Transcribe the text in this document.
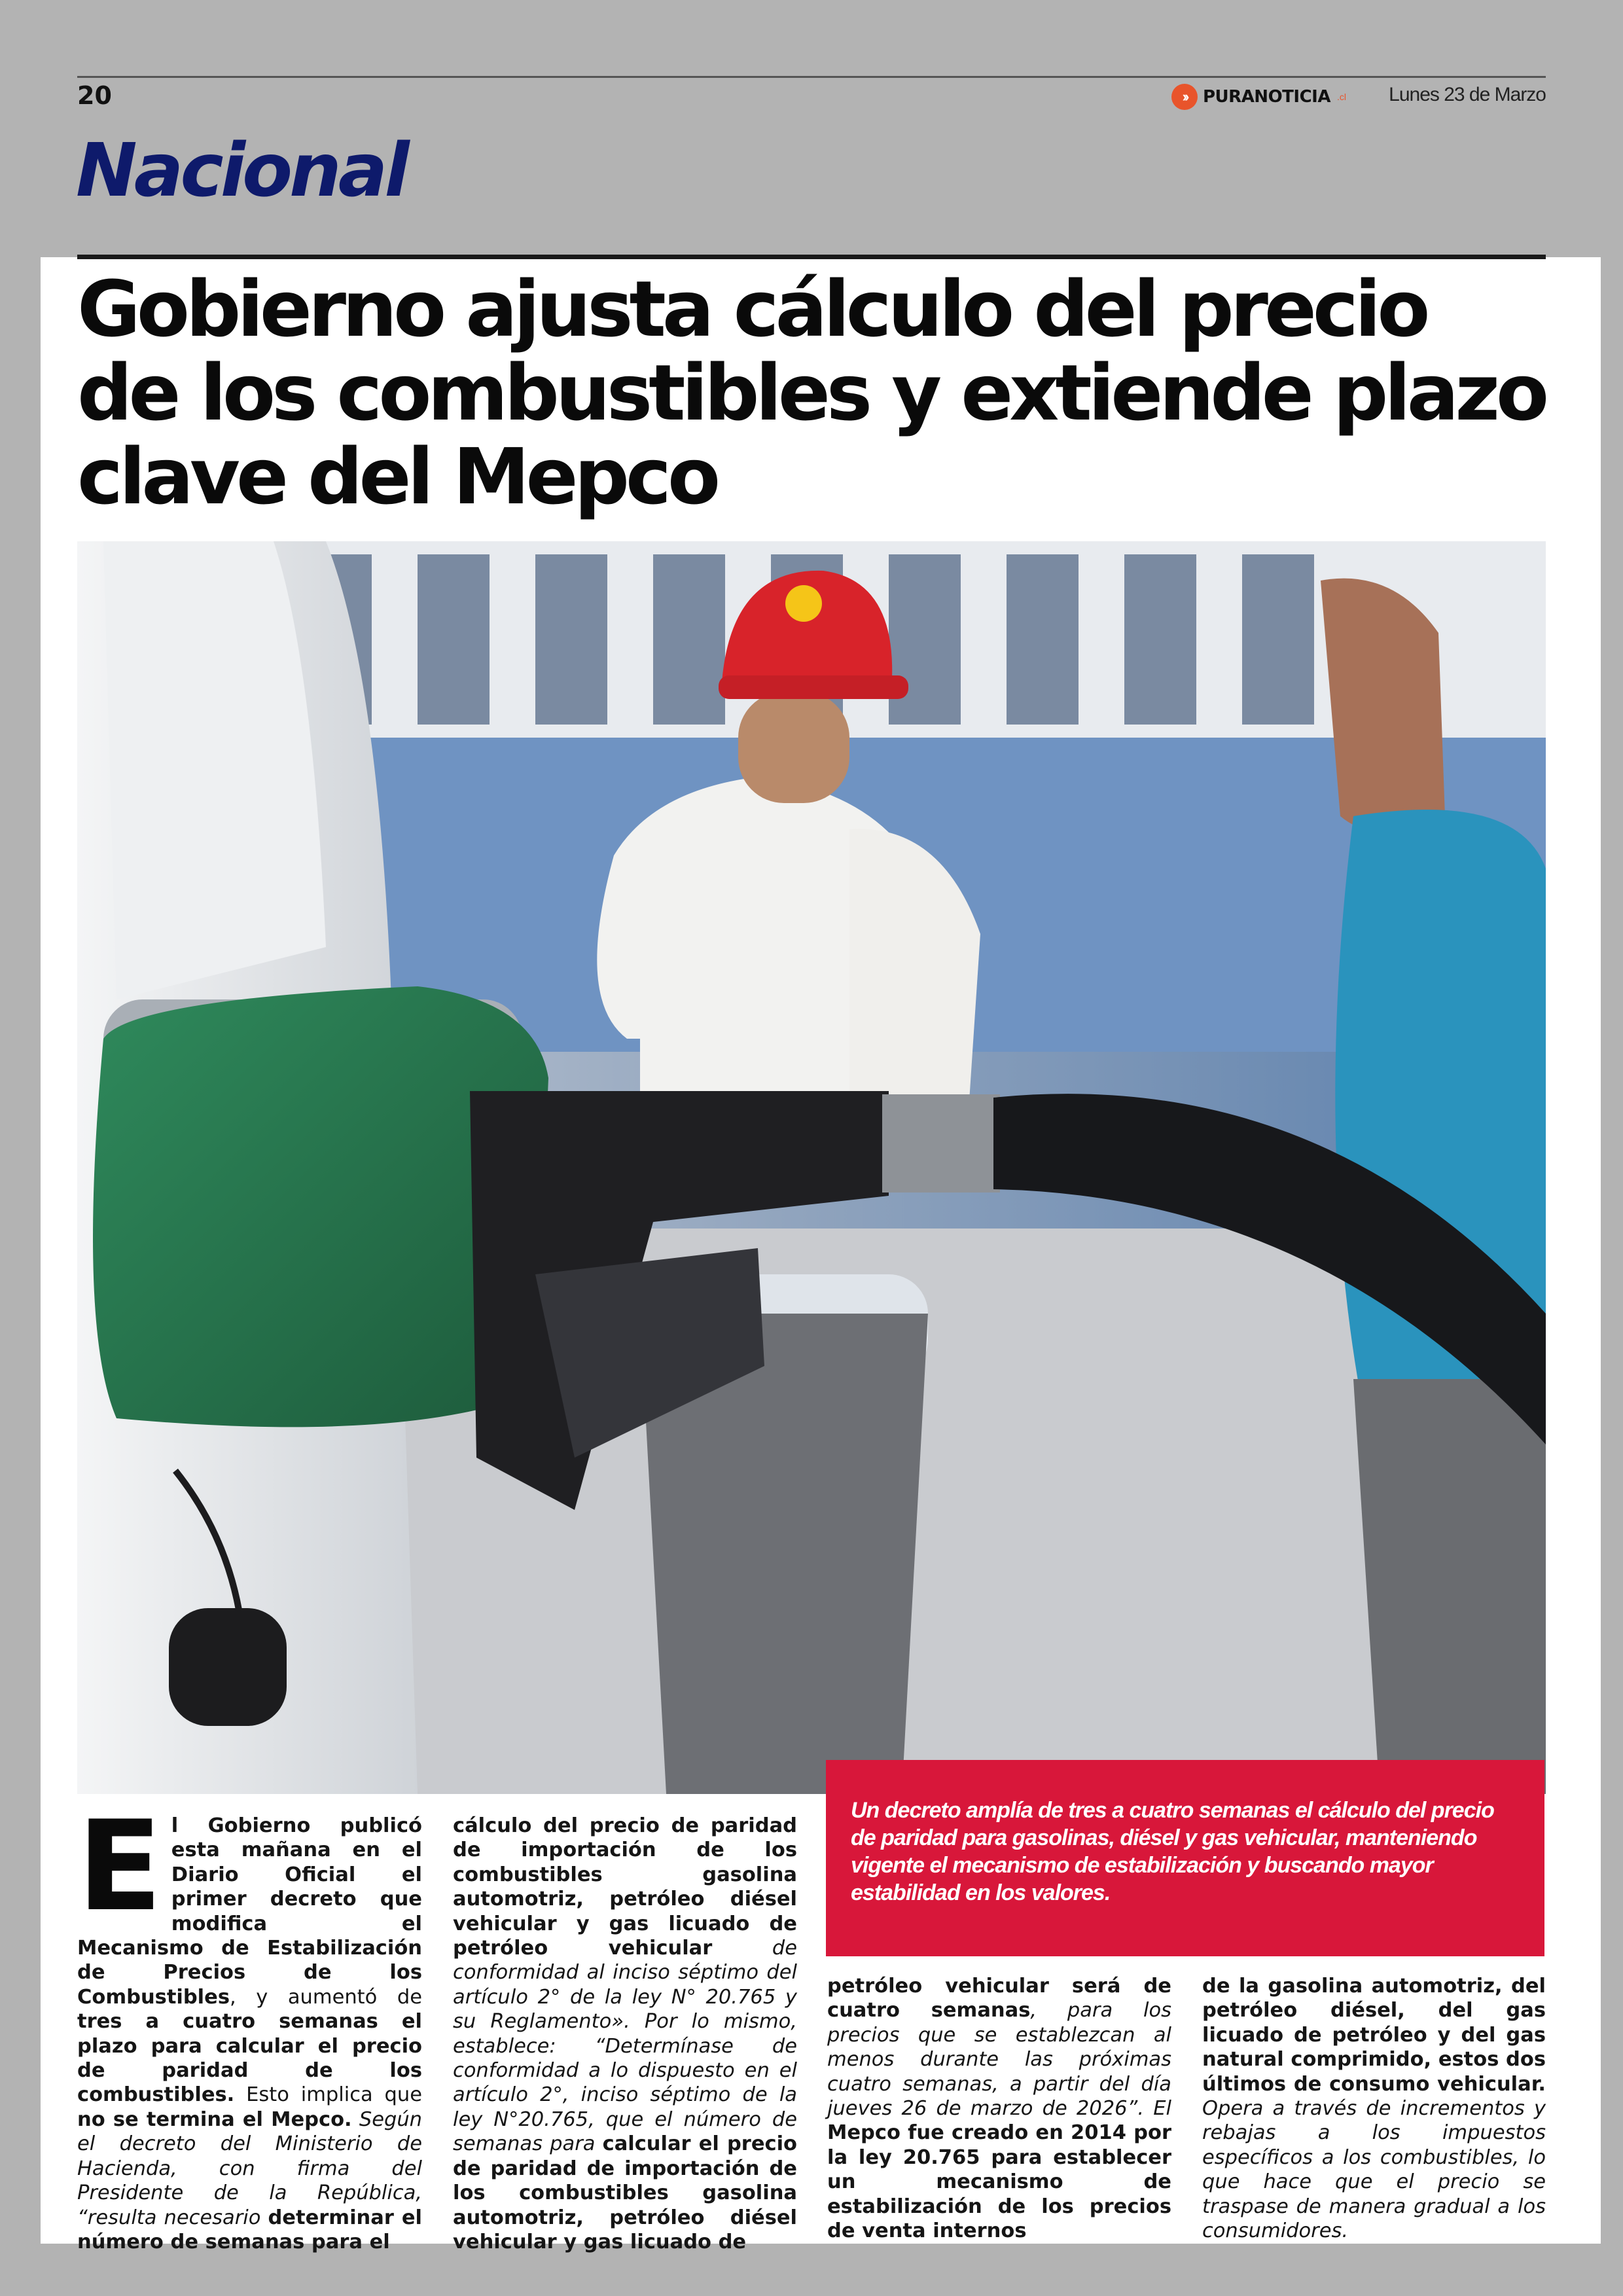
20	›› PURANOTICIA .cl Lunes 23 de Marzo
Nacional
Gobierno ajusta cálculo del precio de los combustibles y extiende plazo clave del Mepco

Un decreto amplía de tres a cuatro semanas el cálculo del precio de paridad para gasolinas, diésel y gas vehicular, manteniendo vigente el mecanismo de estabilización y buscando mayor estabilidad en los valores.

E l Gobierno publicó esta mañana en el Diario Oficial el primer decreto que modifica el Mecanismo de Estabilización de Precios de los Combustibles, y aumentó de tres a cuatro semanas el plazo para calcular el precio de paridad de los combustibles. Esto implica que no se termina el Mepco. Según el decreto del Ministerio de Hacienda, con firma del Presidente de la República, “resulta necesario determinar el número de semanas para el

cálculo del precio de paridad de importación de los combustibles gasolina automotriz, petróleo diésel vehicular y gas licuado de petróleo vehicular de conformidad al inciso séptimo del artículo 2° de la ley N° 20.765 y su Reglamento». Por lo mismo, establece: “Determínase de conformidad a lo dispuesto en el artículo 2°, inciso séptimo de la ley N°20.765, que el número de semanas para calcular el precio de paridad de importación de los combustibles gasolina automotriz, petróleo diésel vehicular y gas licuado de

petróleo vehicular será de cuatro semanas, para los precios que se establezcan al menos durante las próximas cuatro semanas, a partir del día jueves 26 de marzo de 2026”. El Mepco fue creado en 2014 por la ley 20.765 para establecer un mecanismo de estabilización de los precios de venta internos

de la gasolina automotriz, del petróleo diésel, del gas licuado de petróleo y del gas natural comprimido, estos dos últimos de consumo vehicular. Opera a través de incrementos y rebajas a los impuestos específicos a los combustibles, lo que hace que el precio se traspase de manera gradual a los consumidores.
